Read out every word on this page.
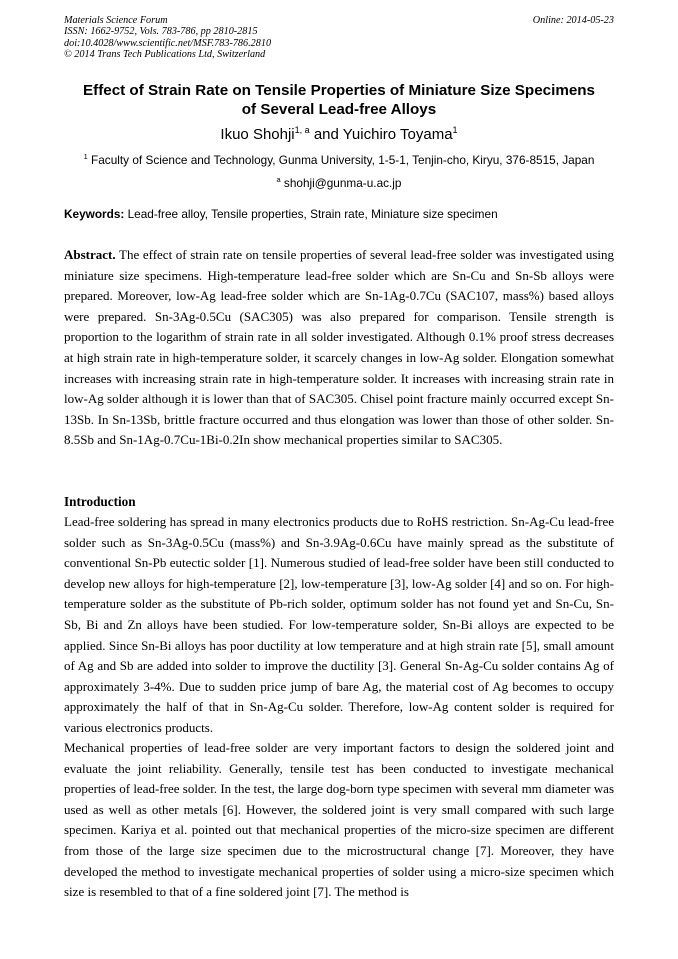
Materials Science Forum
ISSN: 1662-9752, Vols. 783-786, pp 2810-2815
doi:10.4028/www.scientific.net/MSF.783-786.2810
© 2014 Trans Tech Publications Ltd, Switzerland
Online: 2014-05-23
Effect of Strain Rate on Tensile Properties of Miniature Size Specimens
of Several Lead-free Alloys
Ikuo Shohji$^{1, a}$ and Yuichiro Toyama$^1$
$^1$ Faculty of Science and Technology, Gunma University, 1-5-1, Tenjin-cho, Kiryu, 376-8515, Japan
$^a$ shohji@gunma-u.ac.jp
Keywords: Lead-free alloy, Tensile properties, Strain rate, Miniature size specimen

Abstract. The effect of strain rate on tensile properties of several lead-free solder was investigated using miniature size specimens. High-temperature lead-free solder which are Sn-Cu and Sn-Sb alloys were prepared. Moreover, low-Ag lead-free solder which are Sn-1Ag-0.7Cu (SAC107, mass%) based alloys were prepared. Sn-3Ag-0.5Cu (SAC305) was also prepared for comparison. Tensile strength is proportion to the logarithm of strain rate in all solder investigated. Although 0.1% proof stress decreases at high strain rate in high-temperature solder, it scarcely changes in low-Ag solder. Elongation somewhat increases with increasing strain rate in high-temperature solder. It increases with increasing strain rate in low-Ag solder although it is lower than that of SAC305. Chisel point fracture mainly occurred except Sn-13Sb. In Sn-13Sb, brittle fracture occurred and thus elongation was lower than those of other solder. Sn-8.5Sb and Sn-1Ag-0.7Cu-1Bi-0.2In show mechanical properties similar to SAC305.

Introduction

Lead-free soldering has spread in many electronics products due to RoHS restriction. Sn-Ag-Cu lead-free solder such as Sn-3Ag-0.5Cu (mass%) and Sn-3.9Ag-0.6Cu have mainly spread as the substitute of conventional Sn-Pb eutectic solder [1]. Numerous studied of lead-free solder have been still conducted to develop new alloys for high-temperature [2], low-temperature [3], low-Ag solder [4] and so on. For high-temperature solder as the substitute of Pb-rich solder, optimum solder has not found yet and Sn-Cu, Sn-Sb, Bi and Zn alloys have been studied. For low-temperature solder, Sn-Bi alloys are expected to be applied. Since Sn-Bi alloys has poor ductility at low temperature and at high strain rate [5], small amount of Ag and Sb are added into solder to improve the ductility [3]. General Sn-Ag-Cu solder contains Ag of approximately 3-4%. Due to sudden price jump of bare Ag, the material cost of Ag becomes to occupy approximately the half of that in Sn-Ag-Cu solder. Therefore, low-Ag content solder is required for various electronics products.

Mechanical properties of lead-free solder are very important factors to design the soldered joint and evaluate the joint reliability. Generally, tensile test has been conducted to investigate mechanical properties of lead-free solder. In the test, the large dog-born type specimen with several mm diameter was used as well as other metals [6]. However, the soldered joint is very small compared with such large specimen. Kariya et al. pointed out that mechanical properties of the micro-size specimen are different from those of the large size specimen due to the microstructural change [7]. Moreover, they have developed the method to investigate mechanical properties of solder using a micro-size specimen which size is resembled to that of a fine soldered joint [7]. The method is
